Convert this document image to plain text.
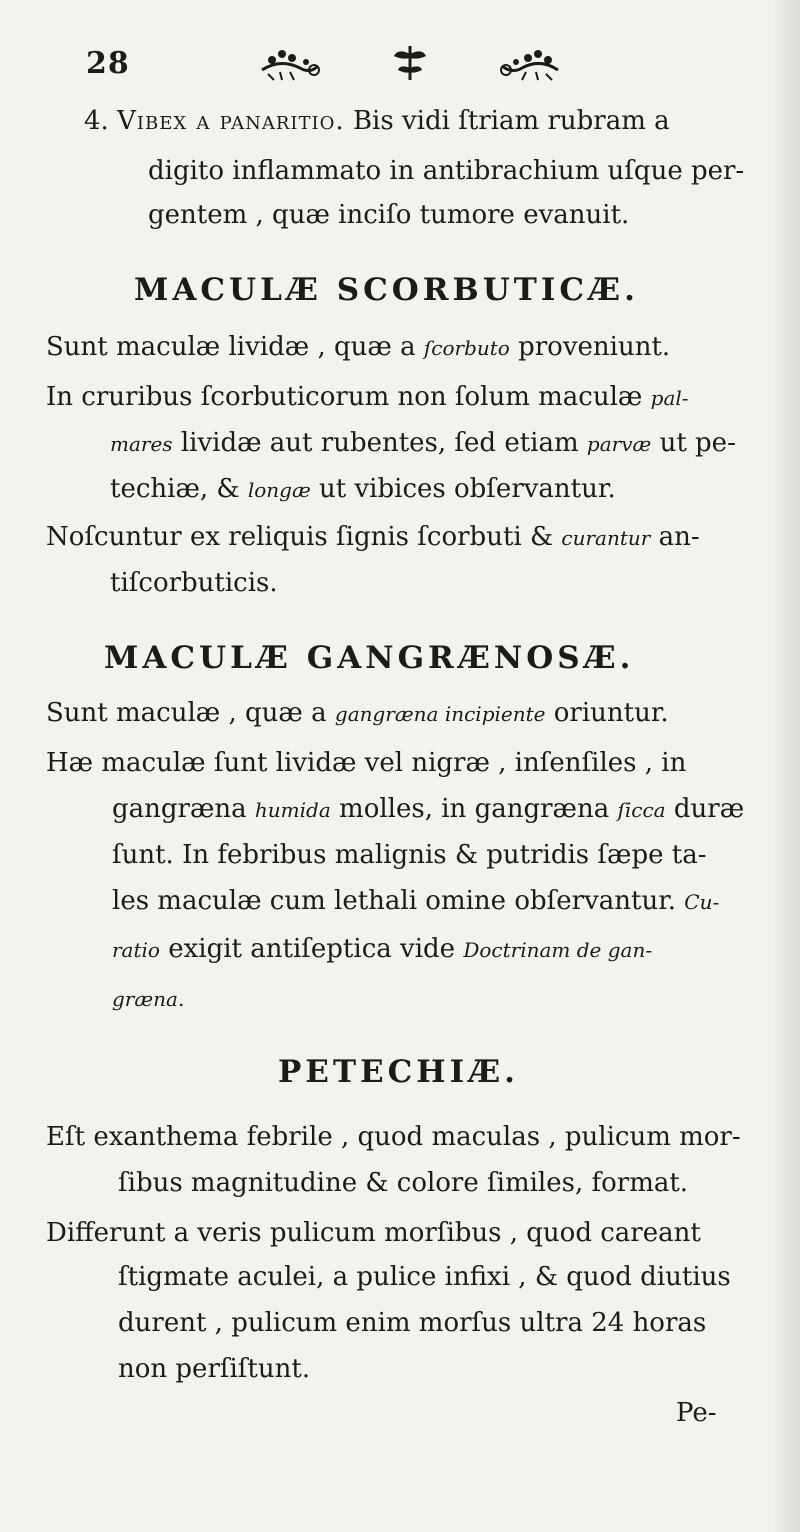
28
4. Vibex a panaritio. Bis vidi ſtriam rubram a
digito inflammato in antibrachium uſque per-
gentem , quæ inciſo tumore evanuit.
MACULÆ SCORBUTICÆ.
Sunt maculæ lividæ , quæ a ſcorbuto proveniunt.
In cruribus ſcorbuticorum non ſolum maculæ pal-
mares lividæ aut rubentes, ſed etiam parvæ ut pe-
techiæ, & longæ ut vibices obſervantur.
Noſcuntur ex reliquis ſignis ſcorbuti & curantur an-
tiſcorbuticis.
MACULÆ GANGRÆNOSÆ.
Sunt maculæ , quæ a gangræna incipiente oriuntur.
Hæ maculæ ſunt lividæ vel nigræ , inſenſiles , in
gangræna humida molles, in gangræna ſicca duræ
ſunt. In febribus malignis & putridis ſæpe ta-
les maculæ cum lethali omine obſervantur. Cu-
ratio exigit antiſeptica vide Doctrinam de gan-
græna.
PETECHIÆ.
Eſt exanthema febrile , quod maculas , pulicum mor-
ſibus magnitudine & colore ſimiles, format.
Differunt a veris pulicum morſibus , quod careant
ſtigmate aculei, a pulice infixi , & quod diutius
durent , pulicum enim morſus ultra 24 horas
non perſiſtunt.
Pe-
